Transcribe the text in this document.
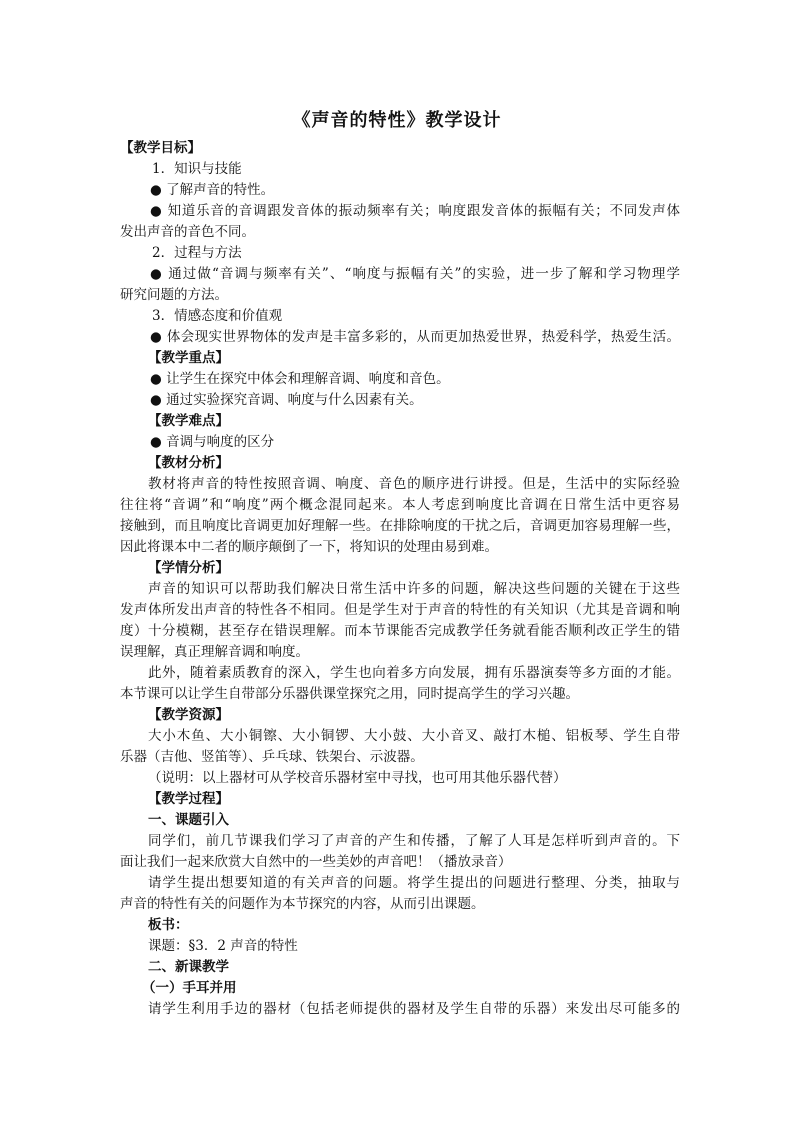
《声音的特性》教学设计
【教学目标】
1．知识与技能
● 了解声音的特性。
● 知道乐音的音调跟发音体的振动频率有关；响度跟发音体的振幅有关；不同发声体
发出声音的音色不同。
2．过程与方法
● 通过做“音调与频率有关”、“响度与振幅有关”的实验，进一步了解和学习物理学
研究问题的方法。
3．情感态度和价值观
● 体会现实世界物体的发声是丰富多彩的，从而更加热爱世界，热爱科学，热爱生活。
【教学重点】
● 让学生在探究中体会和理解音调、响度和音色。
● 通过实验探究音调、响度与什么因素有关。
【教学难点】
● 音调与响度的区分
【教材分析】
教材将声音的特性按照音调、响度、音色的顺序进行讲授。但是，生活中的实际经验
往往将“音调”和“响度”两个概念混同起来。本人考虑到响度比音调在日常生活中更容易
接触到，而且响度比音调更加好理解一些。在排除响度的干扰之后，音调更加容易理解一些，
因此将课本中二者的顺序颠倒了一下，将知识的处理由易到难。
【学情分析】
声音的知识可以帮助我们解决日常生活中许多的问题，解决这些问题的关键在于这些
发声体所发出声音的特性各不相同。但是学生对于声音的特性的有关知识（尤其是音调和响
度）十分模糊，甚至存在错误理解。而本节课能否完成教学任务就看能否顺利改正学生的错
误理解，真正理解音调和响度。
此外，随着素质教育的深入，学生也向着多方向发展，拥有乐器演奏等多方面的才能。
本节课可以让学生自带部分乐器供课堂探究之用，同时提高学生的学习兴趣。
【教学资源】
大小木鱼、大小铜镲、大小铜锣、大小鼓、大小音叉、敲打木槌、铝板琴、学生自带
乐器（吉他、竖笛等）、乒乓球、铁架台、示波器。
（说明：以上器材可从学校音乐器材室中寻找，也可用其他乐器代替）
【教学过程】
一、课题引入
同学们，前几节课我们学习了声音的产生和传播，了解了人耳是怎样听到声音的。下
面让我们一起来欣赏大自然中的一些美妙的声音吧！（播放录音）
请学生提出想要知道的有关声音的问题。将学生提出的问题进行整理、分类，抽取与
声音的特性有关的问题作为本节探究的内容，从而引出课题。
板书：
课题：§3．2 声音的特性
二、新课教学
（一）手耳并用
请学生利用手边的器材（包括老师提供的器材及学生自带的乐器）来发出尽可能多的
